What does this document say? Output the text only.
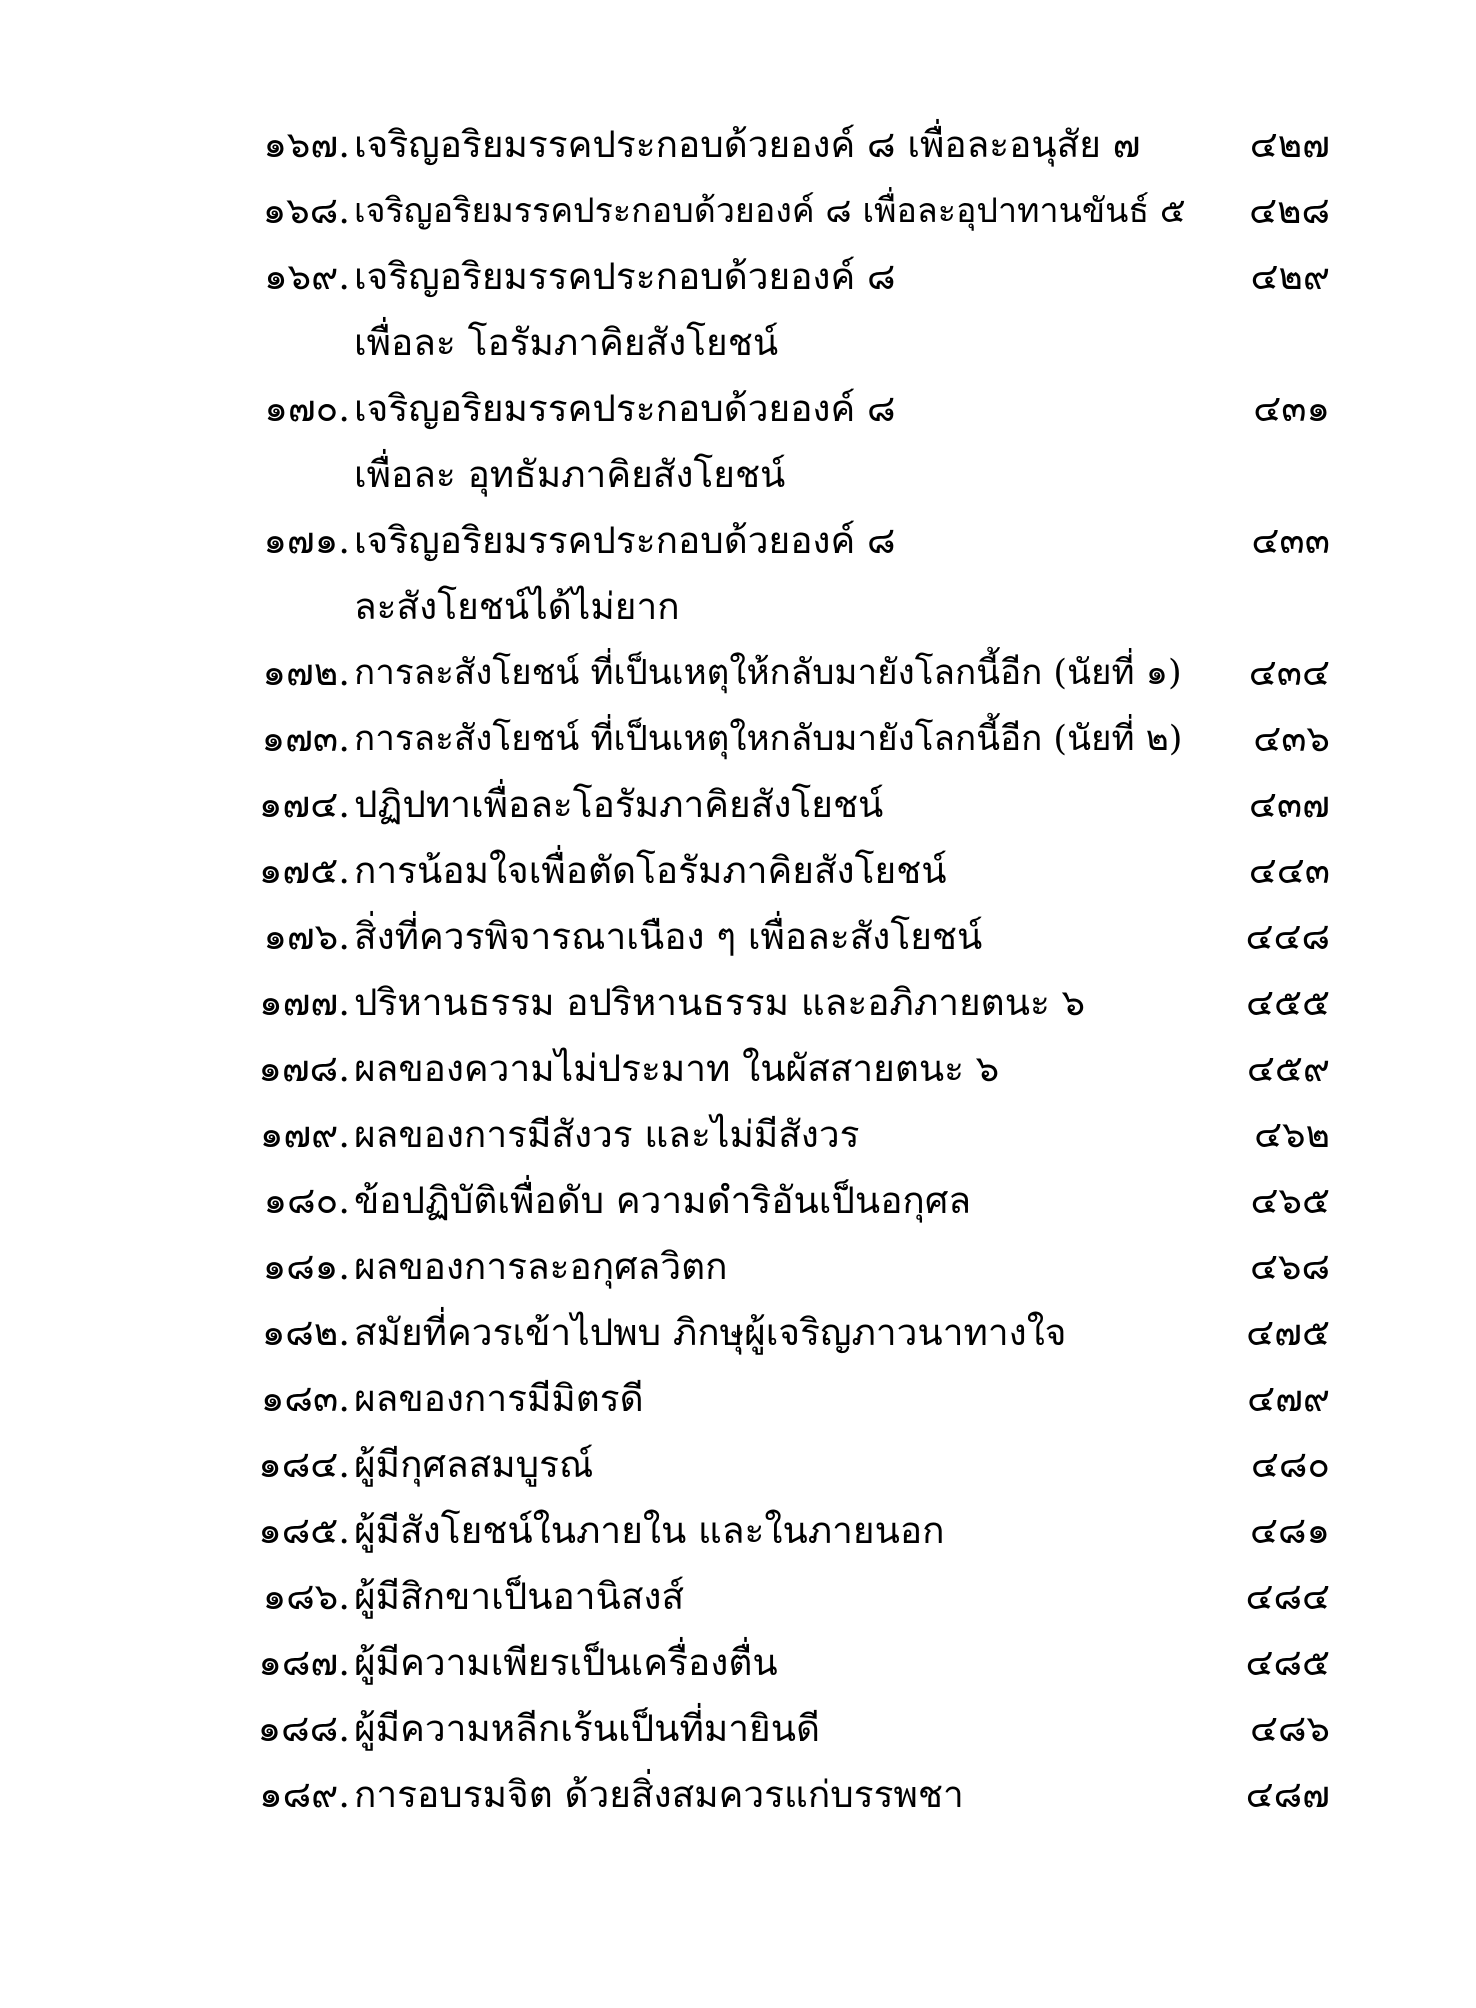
๑๖๗. เจริญอริยมรรคประกอบด้วยองค์ ๘ เพื่อละอนุสัย ๗	๔๒๗
๑๖๘. เจริญอริยมรรคประกอบด้วยองค์ ๘ เพื่อละอุปาทานขันธ์ ๕	๔๒๘
๑๖๙. เจริญอริยมรรคประกอบด้วยองค์ ๘	๔๒๙
เพื่อละ โอรัมภาคิยสังโยชน์
๑๗๐. เจริญอริยมรรคประกอบด้วยองค์ ๘	๔๓๑
เพื่อละ อุทธัมภาคิยสังโยชน์
๑๗๑. เจริญอริยมรรคประกอบด้วยองค์ ๘	๔๓๓
ละสังโยชน์ได้ไม่ยาก
๑๗๒. การละสังโยชน์ ที่เป็นเหตุให้กลับมายังโลกนี้อีก (นัยที่ ๑)	๔๓๔
๑๗๓. การละสังโยชน์ ที่เป็นเหตุใหกลับมายังโลกนี้อีก (นัยที่ ๒)	๔๓๖
๑๗๔. ปฏิปทาเพื่อละโอรัมภาคิยสังโยชน์	๔๓๗
๑๗๕. การน้อมใจเพื่อตัดโอรัมภาคิยสังโยชน์	๔๔๓
๑๗๖. สิ่งที่ควรพิจารณาเนือง ๆ เพื่อละสังโยชน์	๔๔๘
๑๗๗. ปริหานธรรม อปริหานธรรม และอภิภายตนะ ๖	๔๕๕
๑๗๘. ผลของความไม่ประมาท ในผัสสายตนะ ๖	๔๕๙
๑๗๙. ผลของการมีสังวร และไม่มีสังวร	๔๖๒
๑๘๐. ข้อปฏิบัติเพื่อดับ ความดำริอันเป็นอกุศล	๔๖๕
๑๘๑. ผลของการละอกุศลวิตก	๔๖๘
๑๘๒. สมัยที่ควรเข้าไปพบ ภิกษุผู้เจริญภาวนาทางใจ	๔๗๕
๑๘๓. ผลของการมีมิตรดี	๔๗๙
๑๘๔. ผู้มีกุศลสมบูรณ์	๔๘๐
๑๘๕. ผู้มีสังโยชน์ในภายใน และในภายนอก	๔๘๑
๑๘๖. ผู้มีสิกขาเป็นอานิสงส์	๔๘๔
๑๘๗. ผู้มีความเพียรเป็นเครื่องตื่น	๔๘๕
๑๘๘. ผู้มีความหลีกเร้นเป็นที่มายินดี	๔๘๖
๑๘๙. การอบรมจิต ด้วยสิ่งสมควรแก่บรรพชา	๔๘๗
